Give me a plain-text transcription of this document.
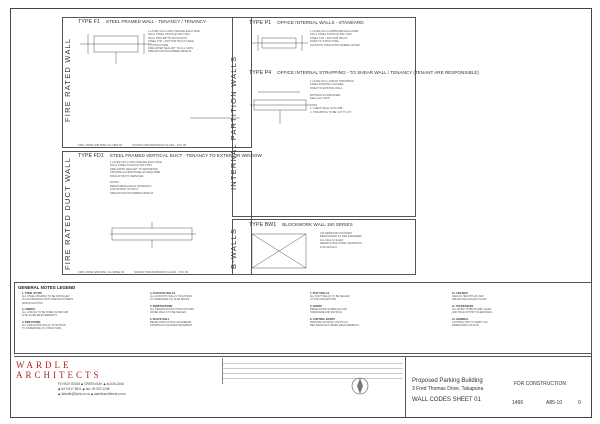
FIRE RATED WALL
TYPE F1 STEEL FRAMED WALL - TENANCY / TENANCY
1 LAYER 13mm GIB FYRELINE EACH SIDE
92mm STEEL STUDS @ 600 CTRS
90mm PINK BATTS INSULATION
STEEL TOP + BOTTOM TRACK FIXED
TO STRUCTURE
FIRE RATED SEALANT TO ALL GAPS
SPECIFICATION NUMBER GBSE 60
FRR -/60/60 GIB SPEC No GBS 60             SOUND TRANSMISSION CLASS : STC 39
FIRE RATED DUCT WALL
TYPE FD1 STEEL FRAMED VERTICAL DUCT - TENANCY TO EXTERIOR WINDOW
1 LAYER 13mm GIB FYRELINE EACH SIDE
92mm STEEL STUDS @ 600 CTRS
FIRE RATED SEALANT TO PERIMETER
PROVIDE ACCESS PANEL AS REQUIRED
INSULATION TO SERVICES

NOTES
REFER MECHANICAL DRAWINGS
FOR EXTENT OF DUCT
SPECIFICATION NUMBER GBSE 60
FRR -/60/60 GIB SPEC No GBSE 60             SOUND TRANSMISSION CLASS : STC 39
INTERNAL PARTITION WALLS
TYPE P1 OFFICE INTERNAL WALLS - STANDARD
1 LAYER 10mm GIB BOARD EACH SIDE
64mm STEEL STUDS @ 600 CTRS
STEEL TOP + BOTTOM TRACK
FIXED TO STRUCTURE
ACOUSTIC INSULATION WHERE NOTED
TYPE P4 OFFICE INTERNAL STRAPPING - TO SHEAR WALL / TENANCY (TENANT ARE RESPONSIBLE)
1 LAYER 10mm GIB ON STRAPPING
STEEL FURRING CHANNEL
FIXED TO EXISTING WALL

BATTENS AS SPECIFIED
SEAL ALL GAPS

NOTE
1. CHECK WALL IS PLUMB
2. STRAPPING TO BE CUT TO FIT
B-WALLS
TYPE BW1 BLOCKWORK WALL 190 SERIES
190 SERIES BLOCKWORK
REINFORCED AS PER ENGINEER
ALL CELLS FILLED
REFER STRUCTURAL DRAWINGS
FOR DETAILS
GENERAL NOTES LEGEND
1. STEEL STUDS
ALL STEEL FRAMING TO BE INSTALLED
IN ACCORDANCE WITH MANUFACTURERS
SPECIFICATIONS

2. LININGS
ALL LININGS TO BE FIXED AS PER GIB
SITE GUIDE REQUIREMENTS

3. FIRE RATING
ALL FIRE RATED WALLS TO EXTEND
TO UNDERSIDE OF STRUCTURE
4. ACOUSTIC WALLS
ALL ACOUSTIC WALLS TO EXTEND
TO UNDERSIDE OF SLAB ABOVE

5. PENETRATIONS
ALL PENETRATIONS THROUGH FIRE
RATED WALLS TO BE SEALED

6. BLOCK WALL
REFER STRUCTURAL ENGINEERS
DRAWINGS FOR REINFORCEMENT
7. DUCT WALLS
ALL DUCT WALLS TO BE SEALED
AT TOP AND BOTTOM

8. DOORS
REFER DOOR SCHEDULE FOR
HARDWARE AND RATINGS

9. CONTROL JOINTS
PROVIDE CONTROL JOINTS AS
PER MANUFACTURERS REQUIREMENTS
10. CEILINGS
CEILING HEIGHTS AS PER
REFLECTED CEILING PLANS

11. TOLERANCES
ALL WORK TO BE PLUMB, LEVEL
AND TRUE WITHIN TOLERANCES

12. GENERAL
CONTRACTOR TO VERIFY ALL
DIMENSIONS ON SITE
WARDLE
ARCHITECTS
PO BOX 80168 ◆ GREEN BAY ◆ AUCKLAND
◆ 64 9 817 8611 ◆ fax: 09 303 1248
◆ Wardle@2pbs.co.nz ◆ wardlearchitects.co.nz
Proposed Parking Building
3 Fred Thomas Drive, Takapuna
FDR CONSTRUCTION
WALL CODES SHEET 01	1496	A85-10	0
